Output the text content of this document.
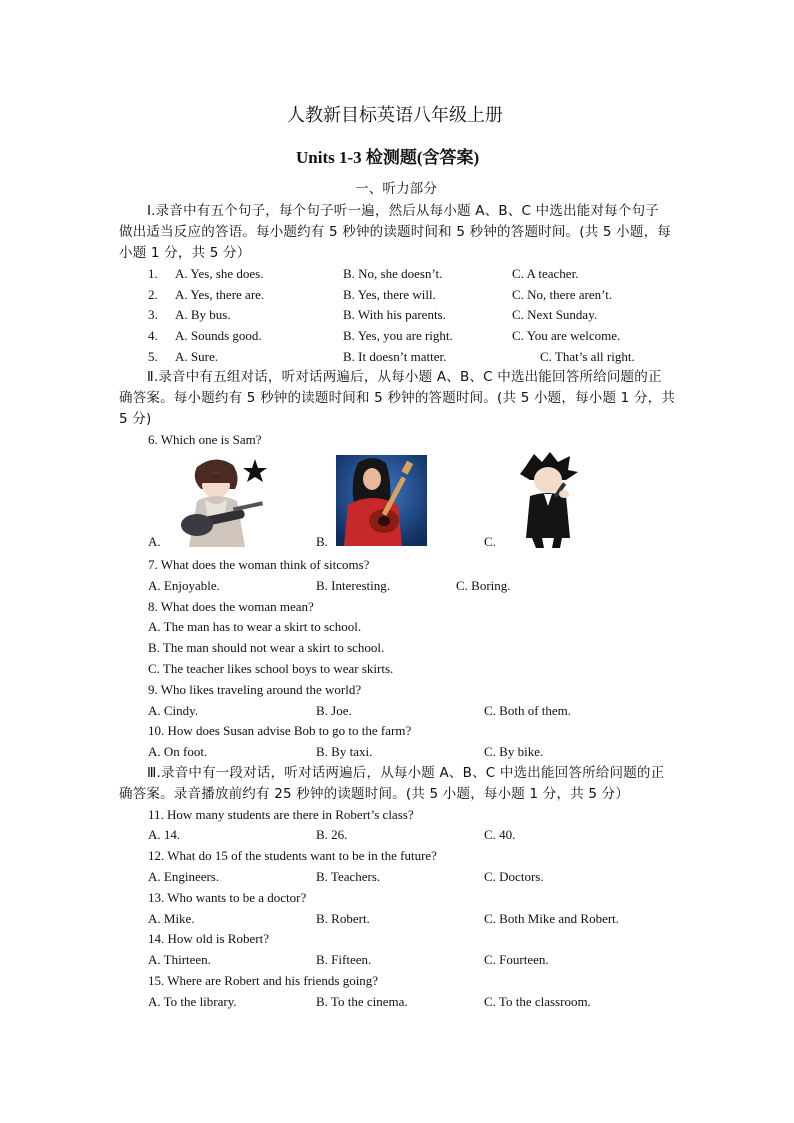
人教新目标英语八年级上册
Units 1-3 检测题(含答案)
一、听力部分
Ⅰ.录音中有五个句子，每个句子听一遍，然后从每小题 A、B、C 中选出能对每个句子
做出适当反应的答语。每小题约有 5 秒钟的读题时间和 5 秒钟的答题时间。(共 5 小题，每
小题 1 分，共 5 分）
1. A. Yes, she does.	B. No, she doesn’t.	C. A teacher.
2. A. Yes, there are.	B. Yes, there will.	C. No, there aren’t.
3. A. By bus.	B. With his parents.	C. Next Sunday.
4. A. Sounds good.	B. Yes, you are right.	C. You are welcome.
5. A. Sure.	B. It doesn’t matter.	C. That’s all right.
Ⅱ.录音中有五组对话，听对话两遍后，从每小题 A、B、C 中选出能回答所给问题的正
确答案。每小题约有 5 秒钟的读题时间和 5 秒钟的答题时间。(共 5 小题，每小题 1 分，共
5 分)
6. Which one is Sam?
A.	B.	C.
7. What does the woman think of sitcoms?
A. Enjoyable.	B. Interesting.	C. Boring.
8. What does the woman mean?
A. The man has to wear a skirt to school.
B. The man should not wear a skirt to school.
C. The teacher likes school boys to wear skirts.
9. Who likes traveling around the world?
A. Cindy.	B. Joe.	C. Both of them.
10. How does Susan advise Bob to go to the farm?
A. On foot.	B. By taxi.	C. By bike.
Ⅲ.录音中有一段对话，听对话两遍后，从每小题 A、B、C 中选出能回答所给问题的正
确答案。录音播放前约有 25 秒钟的读题时间。(共 5 小题，每小题 1 分，共 5 分）
11. How many students are there in Robert’s class?
A. 14.	B. 26.	C. 40.
12. What do 15 of the students want to be in the future?
A. Engineers.	B. Teachers.	C. Doctors.
13. Who wants to be a doctor?
A. Mike.	B. Robert.	C. Both Mike and Robert.
14. How old is Robert?
A. Thirteen.	B. Fifteen.	C. Fourteen.
15. Where are Robert and his friends going?
A. To the library.	B. To the cinema.	C. To the classroom.
